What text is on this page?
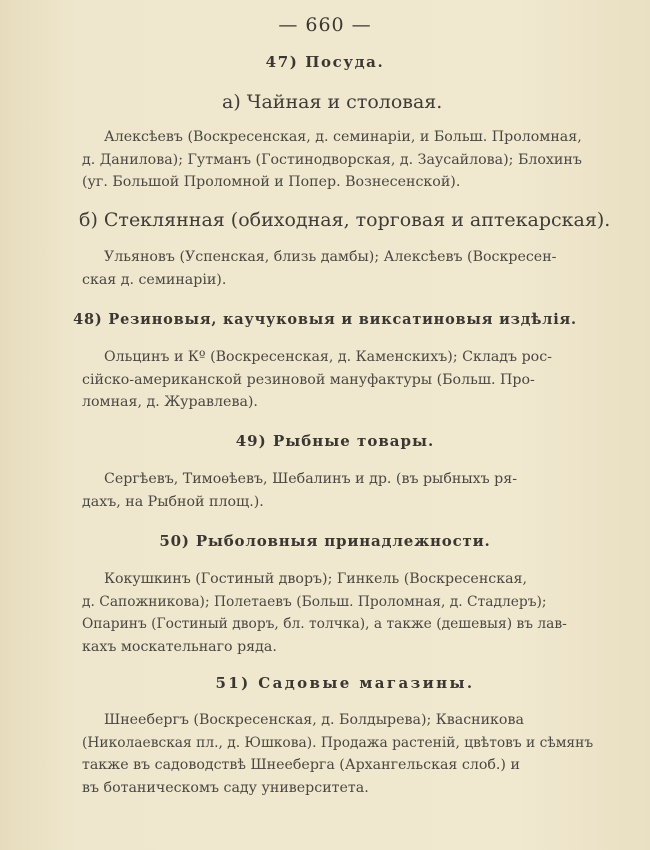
— 660 —
47) Посуда.
а) Чайная и столовая.
Алексѣевъ (Воскресенская, д. семинаріи, и Больш. Проломная,
д. Данилова); Гутманъ (Гостинодворская, д. Заусайлова); Блохинъ
(уг. Большой Проломной и Попер. Вознесенской).
б) Стеклянная (обиходная, торговая и аптекарская).
Ульяновъ (Успенская, близь дамбы); Алексѣевъ (Воскресен-
ская д. семинаріи).
48) Резиновыя, каучуковыя и виксатиновыя издѣлія.
Ольцинъ и Кº (Воскресенская, д. Каменскихъ); Складъ рос-
сійско-американской резиновой мануфактуры (Больш. Про-
ломная, д. Журавлева).
49) Рыбные товары.
Сергѣевъ, Тимоѳѣевъ, Шебалинъ и др. (въ рыбныхъ ря-
дахъ, на Рыбной площ.).
50) Рыболовныя принадлежности.
Кокушкинъ (Гостиный дворъ); Гинкель (Воскресенская,
д. Сапожникова); Полетаевъ (Больш. Проломная, д. Стадлеръ);
Опаринъ (Гостиный дворъ, бл. толчка), а также (дешевыя) въ лав-
кахъ москательнаго ряда.
51) Садовые магазины.
Шнеебергъ (Воскресенская, д. Болдырева); Квасникова
(Николаевская пл., д. Юшкова). Продажа растеній, цвѣтовъ и сѣмянъ
также въ садоводствѣ Шнееберга (Архангельская слоб.) и
въ ботаническомъ саду университета.
